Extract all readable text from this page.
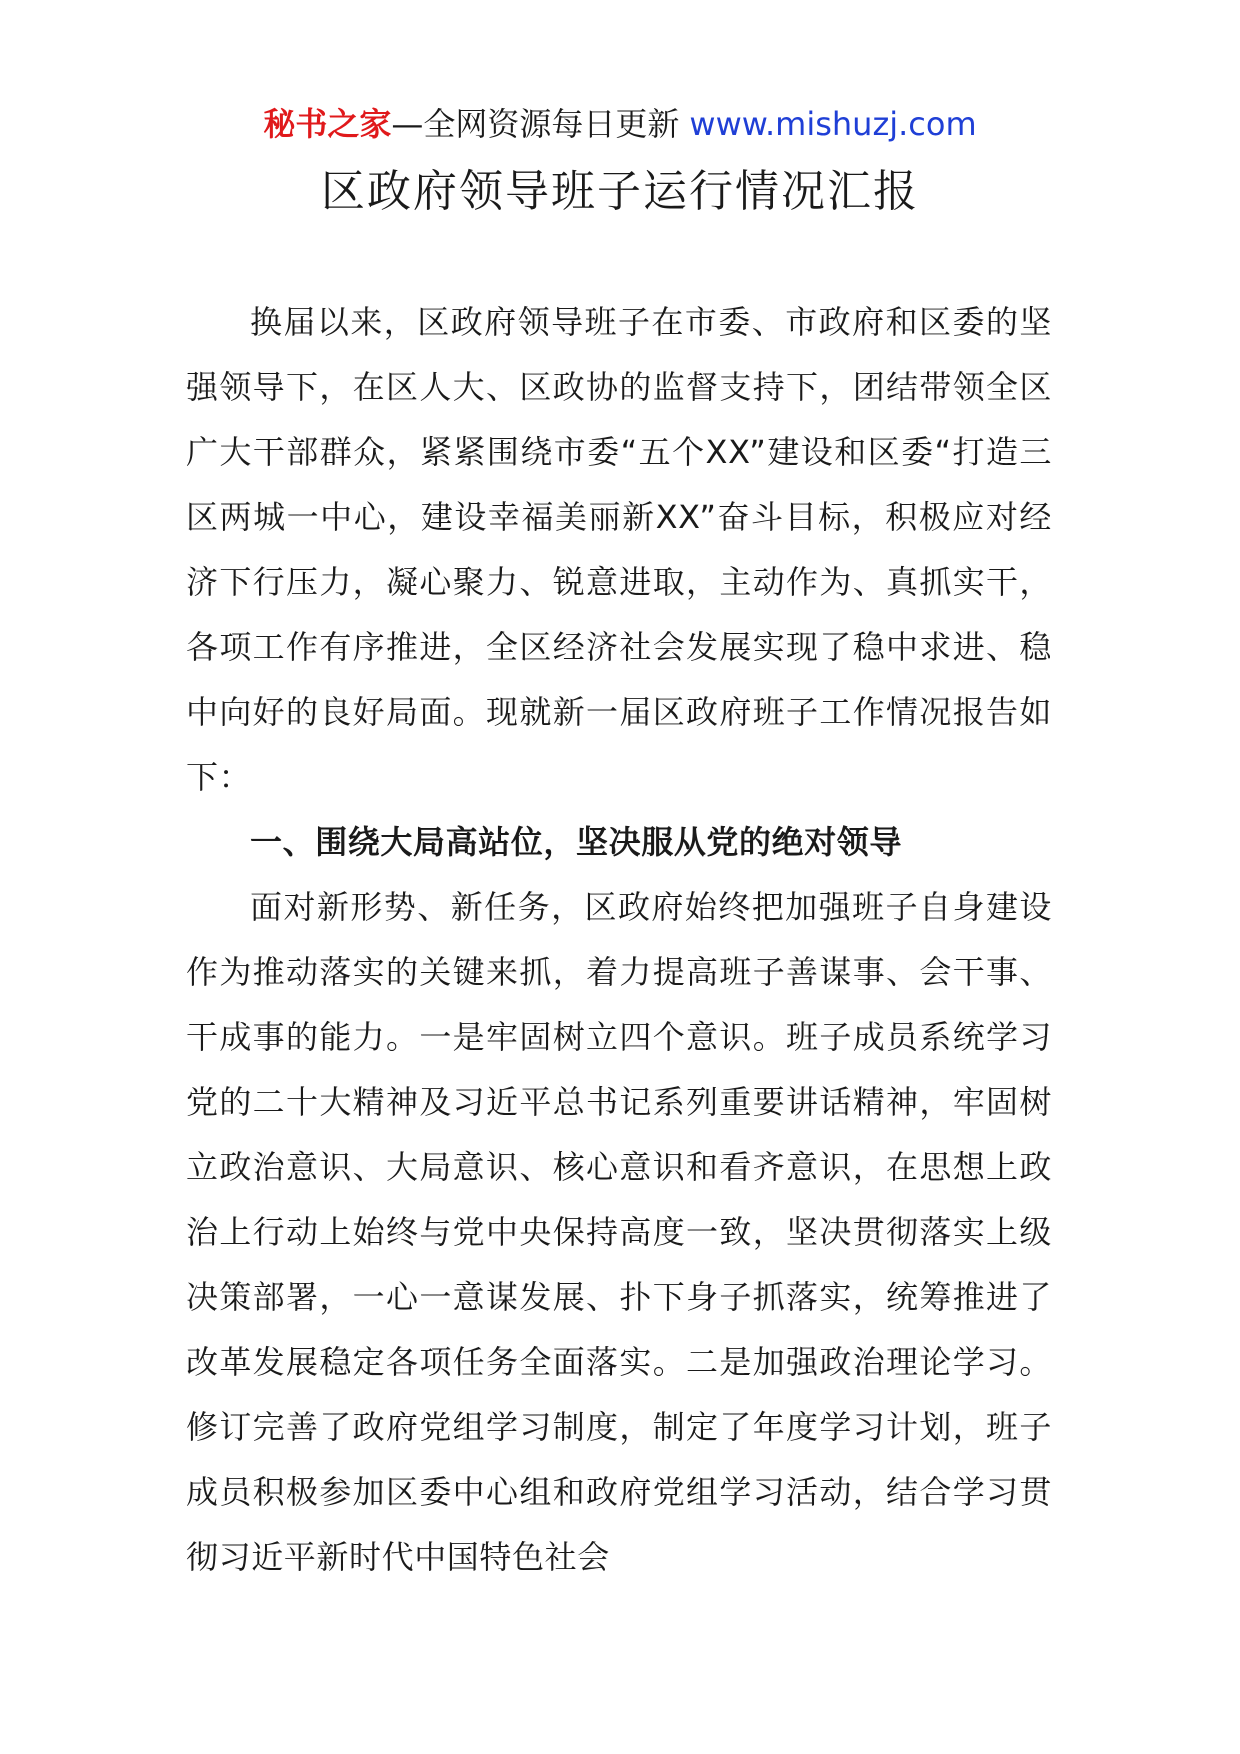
秘书之家—全网资源每日更新 www.mishuzj.com
区政府领导班子运行情况汇报

换届以来，区政府领导班子在市委、市政府和区委的坚强领导下，在区人大、区政协的监督支持下，团结带领全区广大干部群众，紧紧围绕市委“五个XX”建设和区委“打造三区两城一中心，建设幸福美丽新XX”奋斗目标，积极应对经济下行压力，凝心聚力、锐意进取，主动作为、真抓实干，各项工作有序推进，全区经济社会发展实现了稳中求进、稳中向好的良好局面。现就新一届区政府班子工作情况报告如下：

一、围绕大局高站位，坚决服从党的绝对领导

面对新形势、新任务，区政府始终把加强班子自身建设作为推动落实的关键来抓，着力提高班子善谋事、会干事、干成事的能力。一是牢固树立四个意识。班子成员系统学习党的二十大精神及习近平总书记系列重要讲话精神，牢固树立政治意识、大局意识、核心意识和看齐意识，在思想上政治上行动上始终与党中央保持高度一致，坚决贯彻落实上级决策部署，一心一意谋发展、扑下身子抓落实，统筹推进了改革发展稳定各项任务全面落实。二是加强政治理论学习。修订完善了政府党组学习制度，制定了年度学习计划，班子成员积极参加区委中心组和政府党组学习活动，结合学习贯彻习近平新时代中国特色社会
